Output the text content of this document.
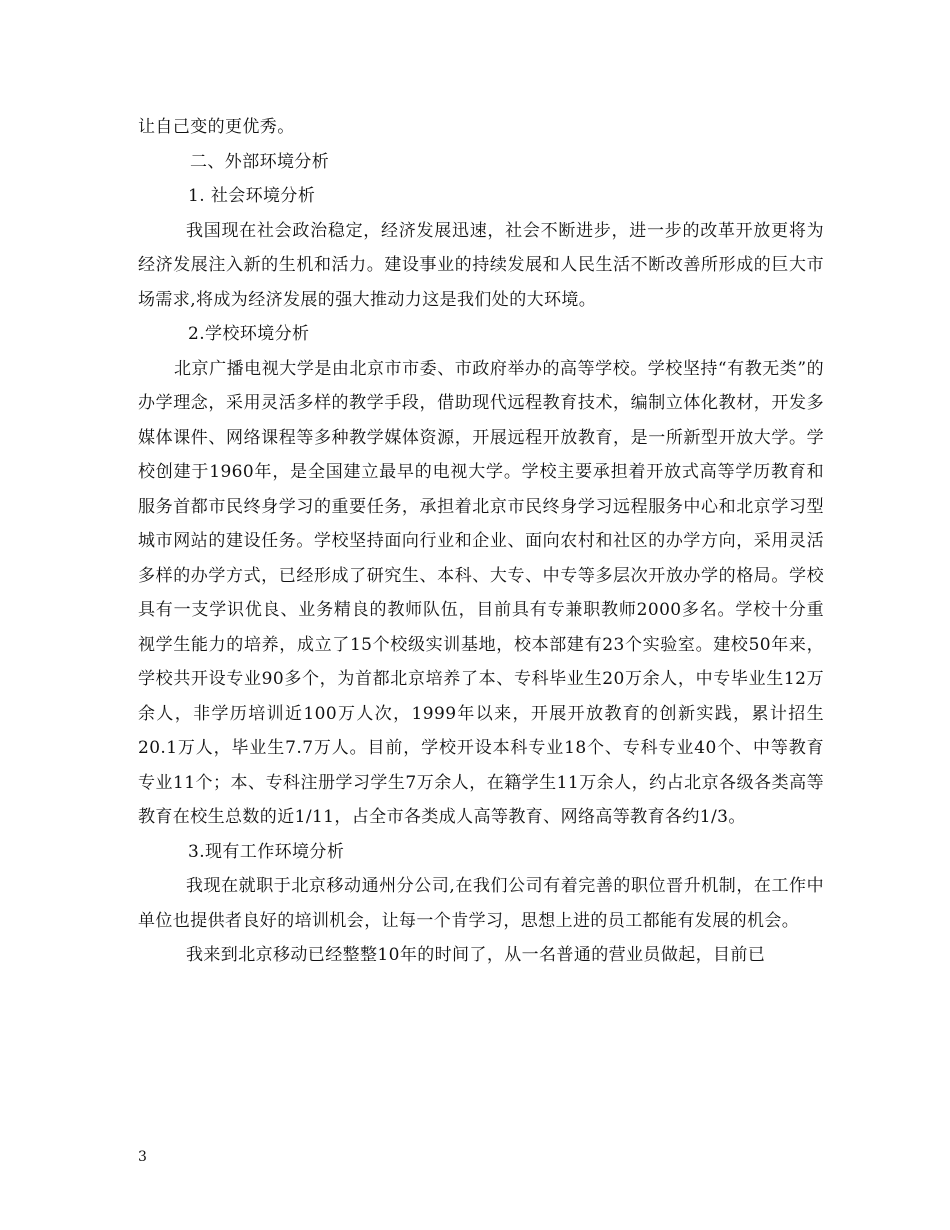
让自己变的更优秀。
二、外部环境分析
1. 社会环境分析
我国现在社会政治稳定，经济发展迅速，社会不断进步，进一步的改革开放更将为经济发展注入新的生机和活力。建设事业的持续发展和人民生活不断改善所形成的巨大市场需求,将成为经济发展的强大推动力这是我们处的大环境。
2.学校环境分析
北京广播电视大学是由北京市市委、市政府举办的高等学校。学校坚持“有教无类”的办学理念，采用灵活多样的教学手段，借助现代远程教育技术，编制立体化教材，开发多媒体课件、网络课程等多种教学媒体资源，开展远程开放教育，是一所新型开放大学。学校创建于1960年，是全国建立最早的电视大学。学校主要承担着开放式高等学历教育和服务首都市民终身学习的重要任务，承担着北京市民终身学习远程服务中心和北京学习型城市网站的建设任务。学校坚持面向行业和企业、面向农村和社区的办学方向，采用灵活多样的办学方式，已经形成了研究生、本科、大专、中专等多层次开放办学的格局。学校具有一支学识优良、业务精良的教师队伍，目前具有专兼职教师2000多名。学校十分重视学生能力的培养，成立了15个校级实训基地，校本部建有23个实验室。建校50年来，学校共开设专业90多个，为首都北京培养了本、专科毕业生20万余人，中专毕业生12万余人，非学历培训近100万人次，1999年以来，开展开放教育的创新实践，累计招生20.1万人，毕业生7.7万人。目前，学校开设本科专业18个、专科专业40个、中等教育专业11个；本、专科注册学习学生7万余人，在籍学生11万余人，约占北京各级各类高等教育在校生总数的近1/11，占全市各类成人高等教育、网络高等教育各约1/3。
3.现有工作环境分析
我现在就职于北京移动通州分公司,在我们公司有着完善的职位晋升机制，在工作中单位也提供者良好的培训机会，让每一个肯学习，思想上进的员工都能有发展的机会。
我来到北京移动已经整整10年的时间了，从一名普通的营业员做起，目前已
3
